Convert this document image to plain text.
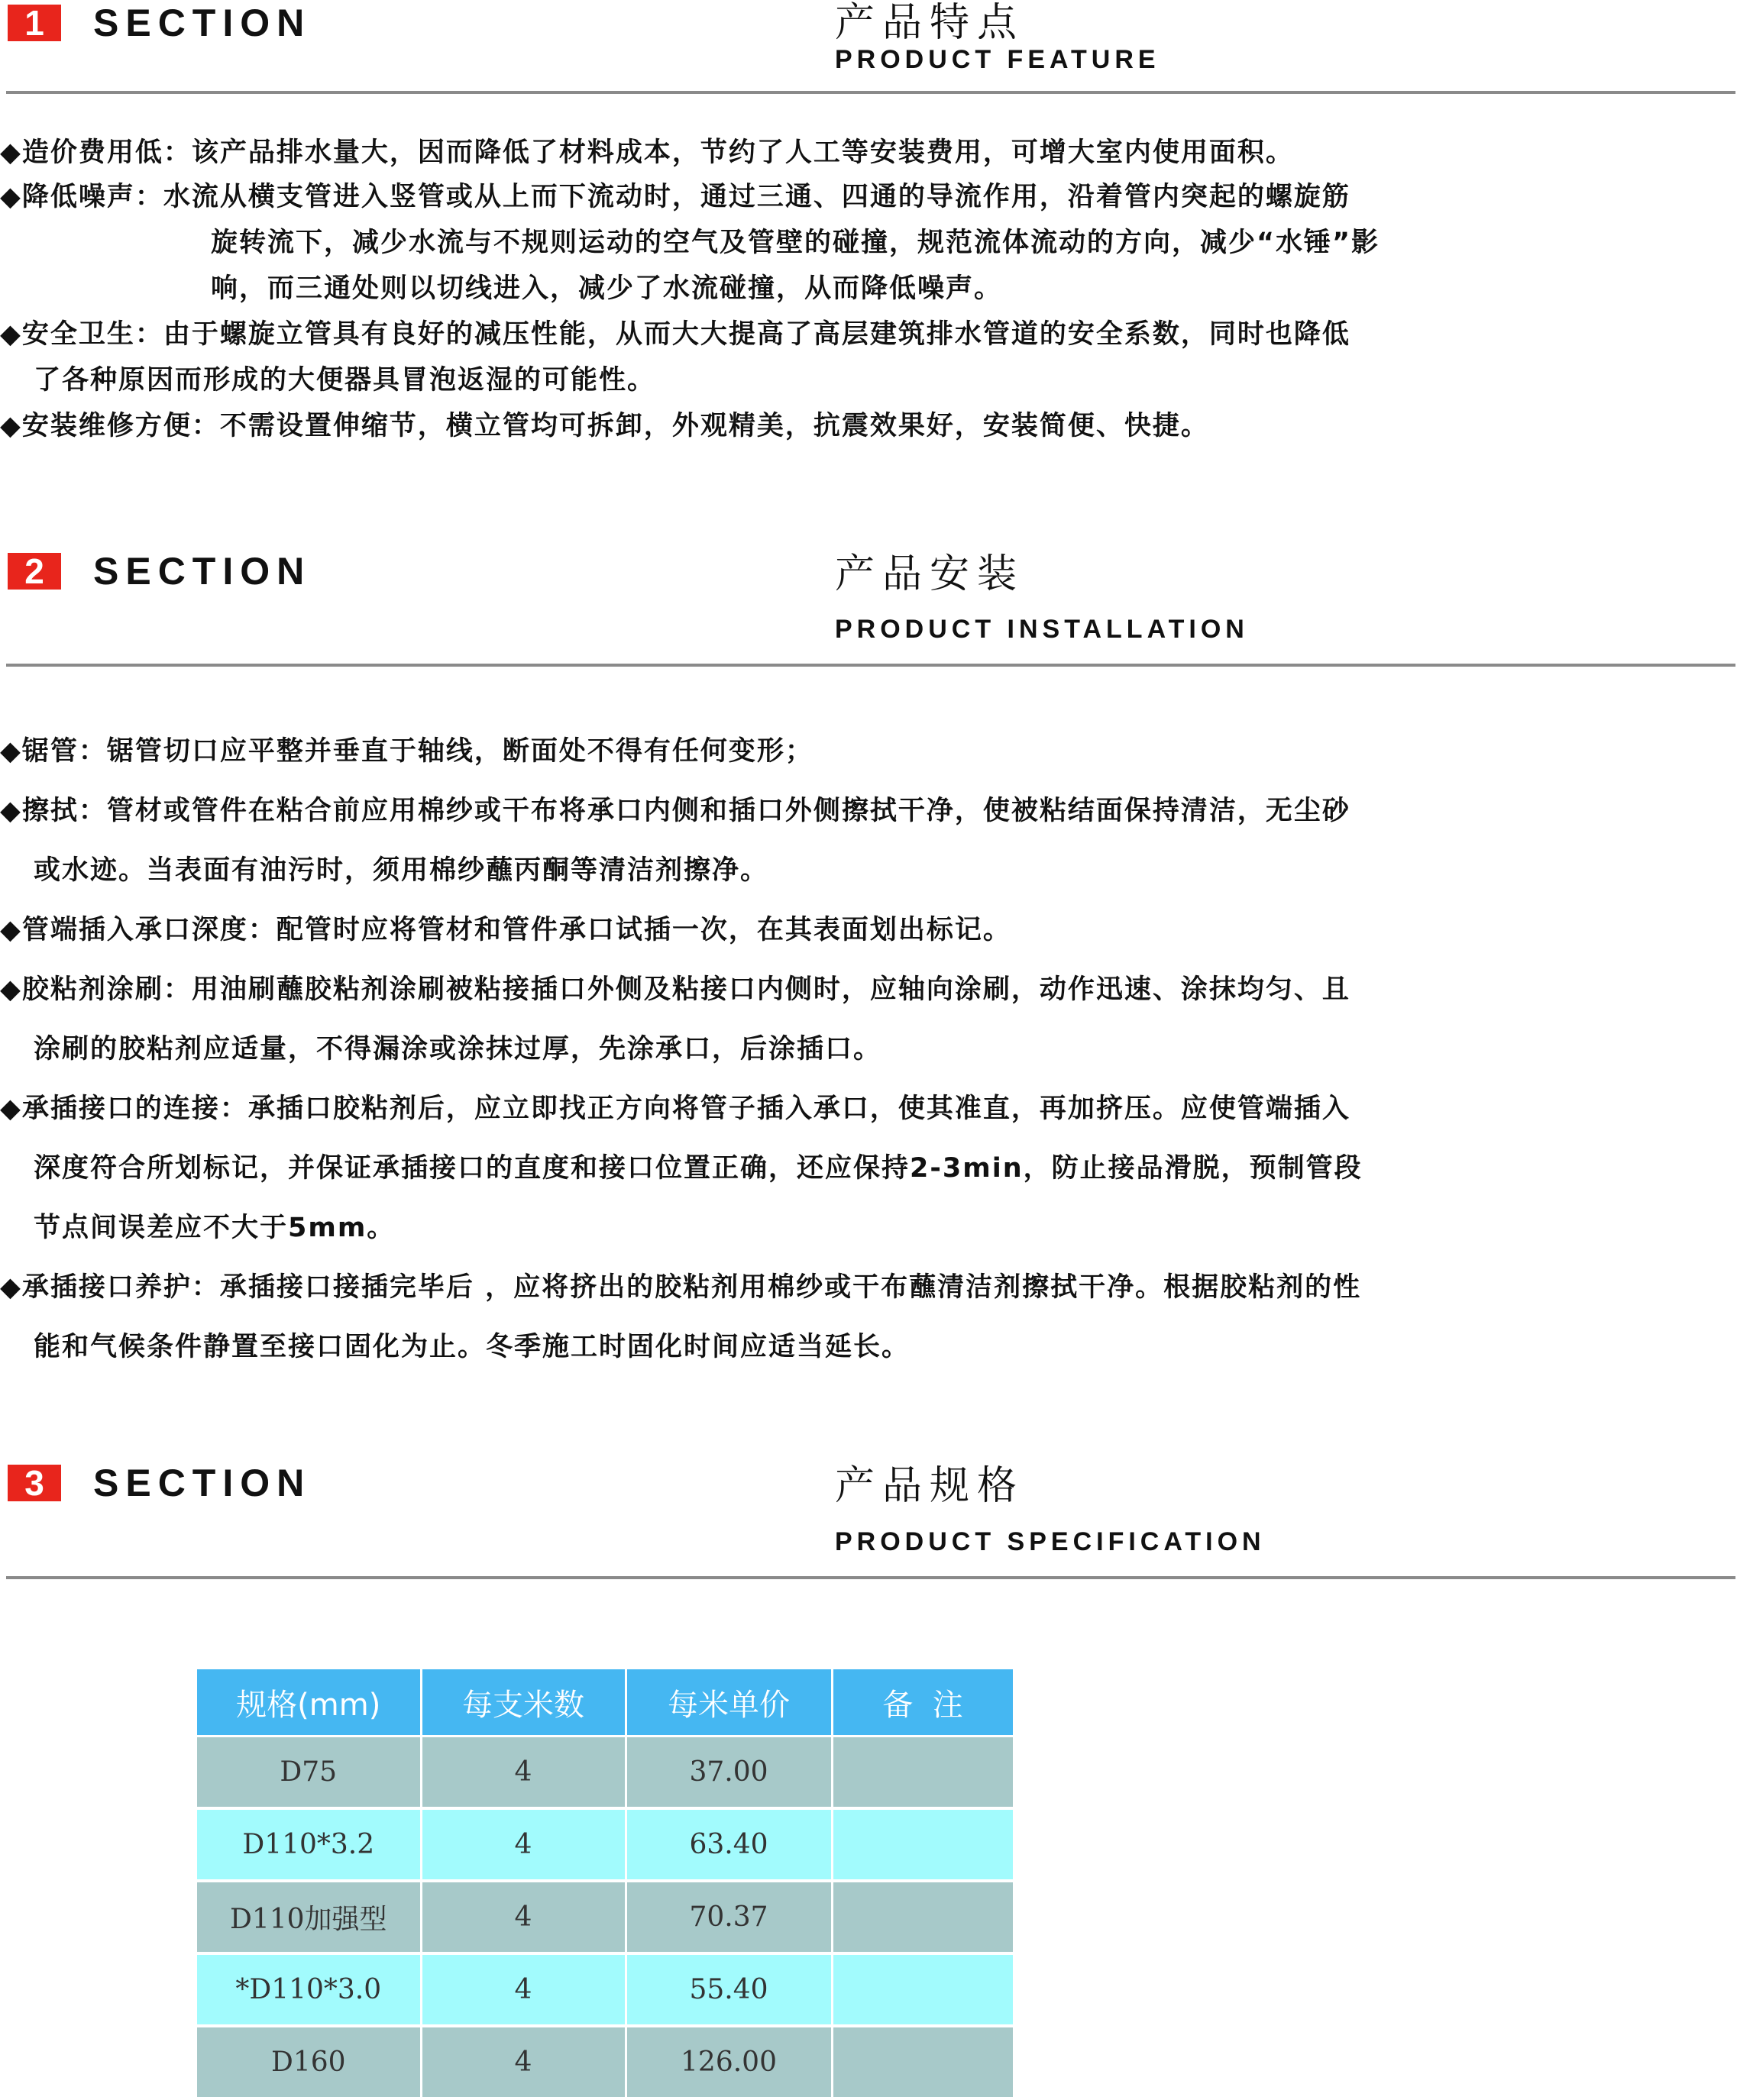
1	SECTION	产品特点
PRODUCT FEATURE

◆造价费用低：该产品排水量大，因而降低了材料成本，节约了人工等安装费用，可增大室内使用面积。

◆降低噪声：水流从横支管进入竖管或从上而下流动时，通过三通、四通的导流作用，沿着管内突起的螺旋筋
旋转流下，减少水流与不规则运动的空气及管壁的碰撞，规范流体流动的方向，减少“水锤”影
响，而三通处则以切线进入，减少了水流碰撞，从而降低噪声。

◆安全卫生：由于螺旋立管具有良好的减压性能，从而大大提高了高层建筑排水管道的安全系数，同时也降低
了各种原因而形成的大便器具冒泡返湿的可能性。

◆安装维修方便：不需设置伸缩节，横立管均可拆卸，外观精美，抗震效果好，安装简便、快捷。

2	SECTION	产品安装
PRODUCT INSTALLATION

◆锯管：锯管切口应平整并垂直于轴线，断面处不得有任何变形；

◆擦拭：管材或管件在粘合前应用棉纱或干布将承口内侧和插口外侧擦拭干净，使被粘结面保持清洁，无尘砂
或水迹。当表面有油污时，须用棉纱蘸丙酮等清洁剂擦净。

◆管端插入承口深度：配管时应将管材和管件承口试插一次，在其表面划出标记。

◆胶粘剂涂刷：用油刷蘸胶粘剂涂刷被粘接插口外侧及粘接口内侧时，应轴向涂刷，动作迅速、涂抹均匀、且
涂刷的胶粘剂应适量，不得漏涂或涂抹过厚，先涂承口，后涂插口。

◆承插接口的连接：承插口胶粘剂后，应立即找正方向将管子插入承口，使其准直，再加挤压。应使管端插入
深度符合所划标记，并保证承插接口的直度和接口位置正确，还应保持2-3min，防止接品滑脱，预制管段
节点间误差应不大于5mm。

◆承插接口养护：承插接口接插完毕后 ，应将挤出的胶粘剂用棉纱或干布蘸清洁剂擦拭干净。根据胶粘剂的性
能和气候条件静置至接口固化为止。冬季施工时固化时间应适当延长。

3	SECTION	产品规格
PRODUCT SPECIFICATION
规格(mm)	每支米数	每米单价	备  注
D75	4	37.00	
D110*3.2	4	63.40	
D110加强型	4	70.37	
*D110*3.0	4	55.40	
D160	4	126.00	
